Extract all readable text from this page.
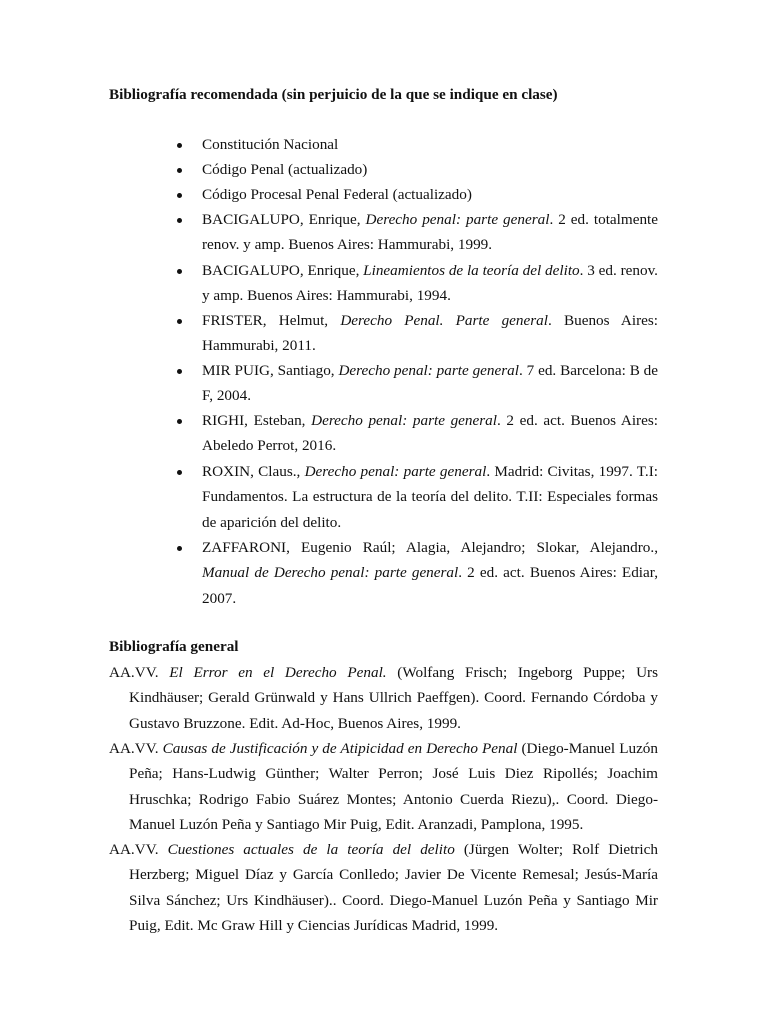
Bibliografía recomendada (sin perjuicio de la que se indique en clase)
Constitución Nacional
Código Penal (actualizado)
Código Procesal Penal Federal (actualizado)
BACIGALUPO, Enrique, Derecho penal: parte general. 2 ed. totalmente renov. y amp. Buenos Aires: Hammurabi, 1999.
BACIGALUPO, Enrique, Lineamientos de la teoría del delito. 3 ed. renov. y amp. Buenos Aires: Hammurabi, 1994.
FRISTER, Helmut, Derecho Penal. Parte general. Buenos Aires: Hammurabi, 2011.
MIR PUIG, Santiago, Derecho penal: parte general. 7 ed. Barcelona: B de F, 2004.
RIGHI, Esteban, Derecho penal: parte general. 2 ed. act. Buenos Aires: Abeledo Perrot, 2016.
ROXIN, Claus., Derecho penal: parte general. Madrid: Civitas, 1997. T.I: Fundamentos. La estructura de la teoría del delito. T.II: Especiales formas de aparición del delito.
ZAFFARONI, Eugenio Raúl; Alagia, Alejandro; Slokar, Alejandro., Manual de Derecho penal: parte general. 2 ed. act. Buenos Aires: Ediar, 2007.
Bibliografía general
AA.VV. El Error en el Derecho Penal. (Wolfang Frisch; Ingeborg Puppe; Urs Kindhäuser; Gerald Grünwald y Hans Ullrich Paeffgen). Coord. Fernando Córdoba y Gustavo Bruzzone. Edit. Ad-Hoc, Buenos Aires, 1999.
AA.VV. Causas de Justificación y de Atipicidad en Derecho Penal (Diego-Manuel Luzón Peña; Hans-Ludwig Günther; Walter Perron; José Luis Diez Ripollés; Joachim Hruschka; Rodrigo Fabio Suárez Montes; Antonio Cuerda Riezu),. Coord. Diego-Manuel Luzón Peña y Santiago Mir Puig, Edit. Aranzadi, Pamplona, 1995.
AA.VV. Cuestiones actuales de la teoría del delito (Jürgen Wolter; Rolf Dietrich Herzberg; Miguel Díaz y García Conlledo; Javier De Vicente Remesal; Jesús-María Silva Sánchez; Urs Kindhäuser).. Coord. Diego-Manuel Luzón Peña y Santiago Mir Puig, Edit. Mc Graw Hill y Ciencias Jurídicas Madrid, 1999.
